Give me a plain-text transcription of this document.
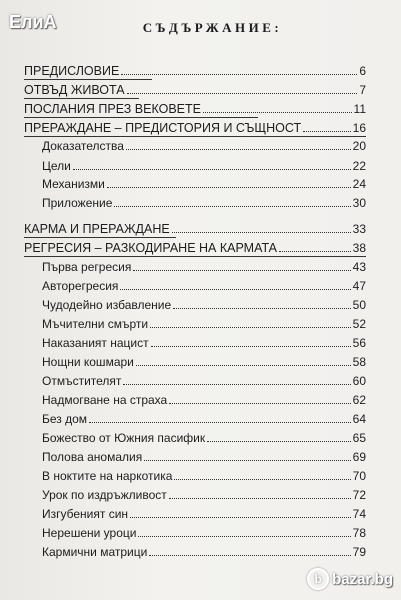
ЕлиА	СЪДЪРЖАНИЕ:
ПРЕДИСЛОВИЕ	6
ОТВЪД ЖИВОТА	7
ПОСЛАНИЯ ПРЕЗ ВЕКОВЕТЕ	11
ПРЕРАЖДАНЕ – ПРЕДИСТОРИЯ И СЪЩНОСТ	16
Доказателства	20
Цели	22
Механизми	24
Приложение	30
КАРМА И ПРЕРАЖДАНЕ	33
РЕГРЕСИЯ – РАЗКОДИРАНЕ НА КАРМАТА	38
Първа регресия	43
Авторегресия	47
Чудодейно избавление	50
Мъчителни смърти	52
Наказаният нацист	56
Нощни кошмари	58
Отмъстителят	60
Надмогване на страха	62
Без дом	64
Божество от Южния пасифик	65
Полова аномалия	69
В ноктите на наркотика	70
Урок по издръжливост	72
Изгубеният син	74
Нерешени уроци	78
Кармични матрици	79
b bazar.bg
